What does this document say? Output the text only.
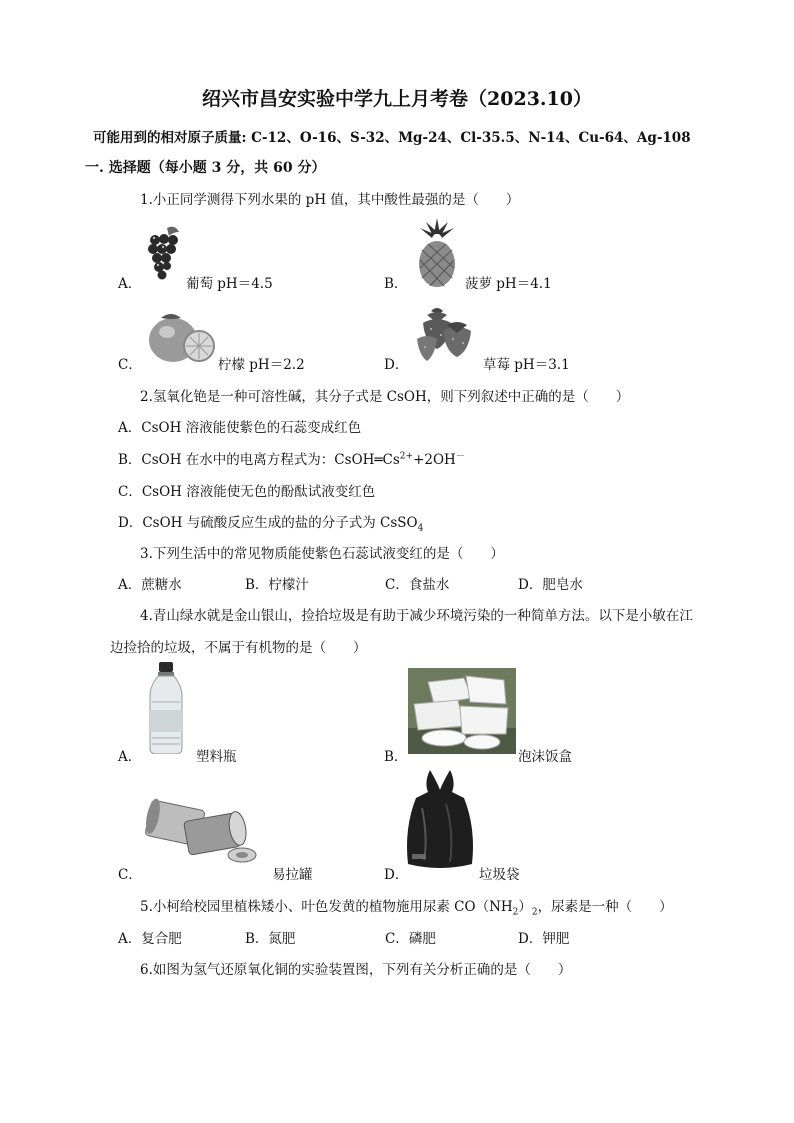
绍兴市昌安实验中学九上月考卷（2023.10）
可能用到的相对原子质量: C-12、O-16、S-32、Mg-24、Cl-35.5、N-14、Cu-64、Ag-108
一. 选择题（每小题 3 分，共 60 分）
1.小正同学测得下列水果的 pH 值，其中酸性最强的是（　　）
A．	葡萄 pH＝4.5	B．	菠萝 pH＝4.1
C．	柠檬 pH＝2.2	D．	草莓 pH＝3.1
2.氢氧化铯是一种可溶性碱，其分子式是 CsOH，则下列叙述中正确的是（　　）
A．CsOH 溶液能使紫色的石蕊变成红色
B．CsOH 在水中的电离方程式为：$CsOH═Cs^{2+}+2OH^-$
C．CsOH 溶液能使无色的酚酞试液变红色
D．CsOH 与硫酸反应生成的盐的分子式为 CsSO$_4$
3.下列生活中的常见物质能使紫色石蕊试液变红的是（　　）
A．蔗糖水	B．柠檬汁	C．食盐水	D．肥皂水
4.青山绿水就是金山银山，捡拾垃圾是有助于减少环境污染的一种简单方法。以下是小敏在江
边捡拾的垃圾，不属于有机物的是（　　）
A．	塑料瓶	B．	泡沫饭盒
C．	易拉罐	D．	垃圾袋
5.小柯给校园里植株矮小、叶色发黄的植物施用尿素 $CO(NH_2)_2$，尿素是一种（　　）
A．复合肥	B．氮肥	C．磷肥	D．钾肥
6.如图为氢气还原氧化铜的实验装置图，下列有关分析正确的是（　　）
